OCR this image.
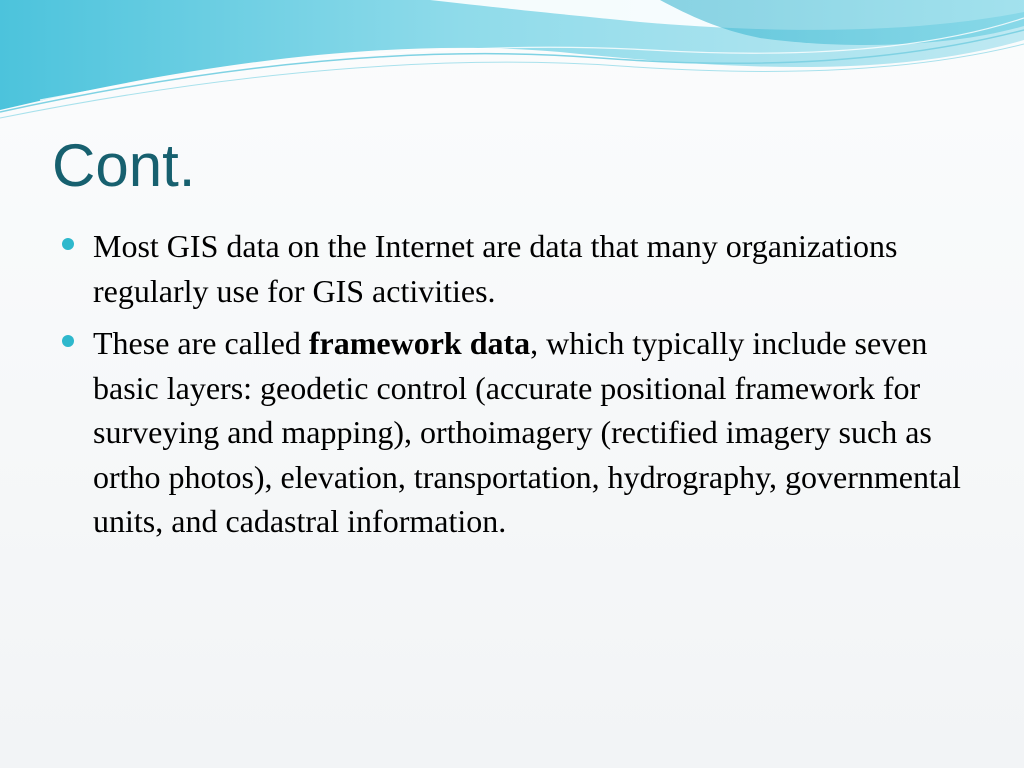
Cont.
Most GIS data on the Internet are data that many organizations regularly use for GIS activities.
These are called framework data, which typically include seven basic layers: geodetic control (accurate positional framework for surveying and mapping), orthoimagery (rectified imagery such as ortho photos), elevation, transportation, hydrography, governmental units, and cadastral information.
